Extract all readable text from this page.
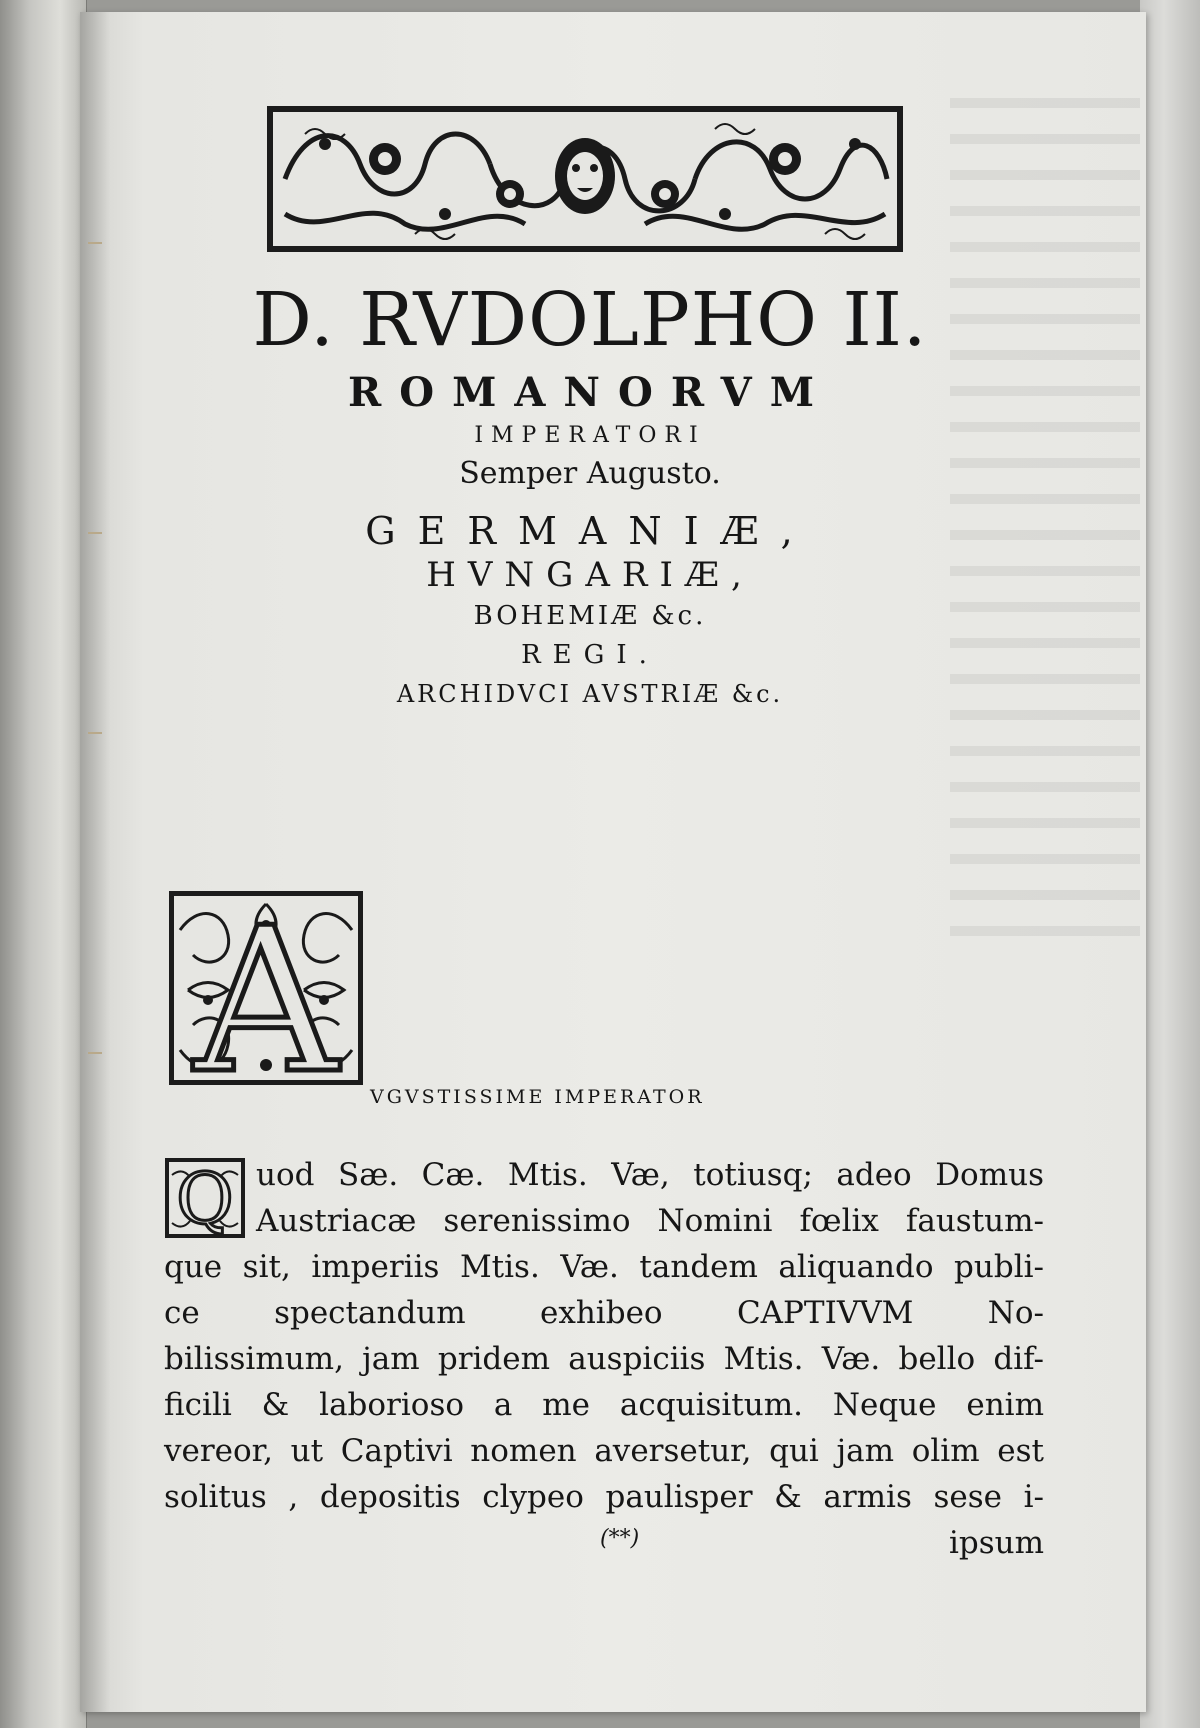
D. RVDOLPHO II.
ROMANORVM
IMPERATORI
Semper Augusto.
GERMANIÆ,
HVNGARIÆ,
BOHEMIÆ &c.
REGI.
ARCHIDVCI AVSTRIÆ &c.
A VGVSTISSIME IMPERATOR
Q uod Sæ. Cæ. Mtis. Væ, totiusq; adeo Domus
Austriacæ serenissimo Nomini fœlix faustum-
que sit, imperiis Mtis. Væ. tandem aliquando publi-
ce spectandum exhibeo CAPTIVVM No-
bilissimum, jam pridem auspiciis Mtis. Væ. bello dif-
ficili & laborioso a me acquisitum. Neque enim
vereor, ut Captivi nomen aversetur, qui jam olim est
solitus , depositis clypeo paulisper & armis sese i-
ipsum
(**)
